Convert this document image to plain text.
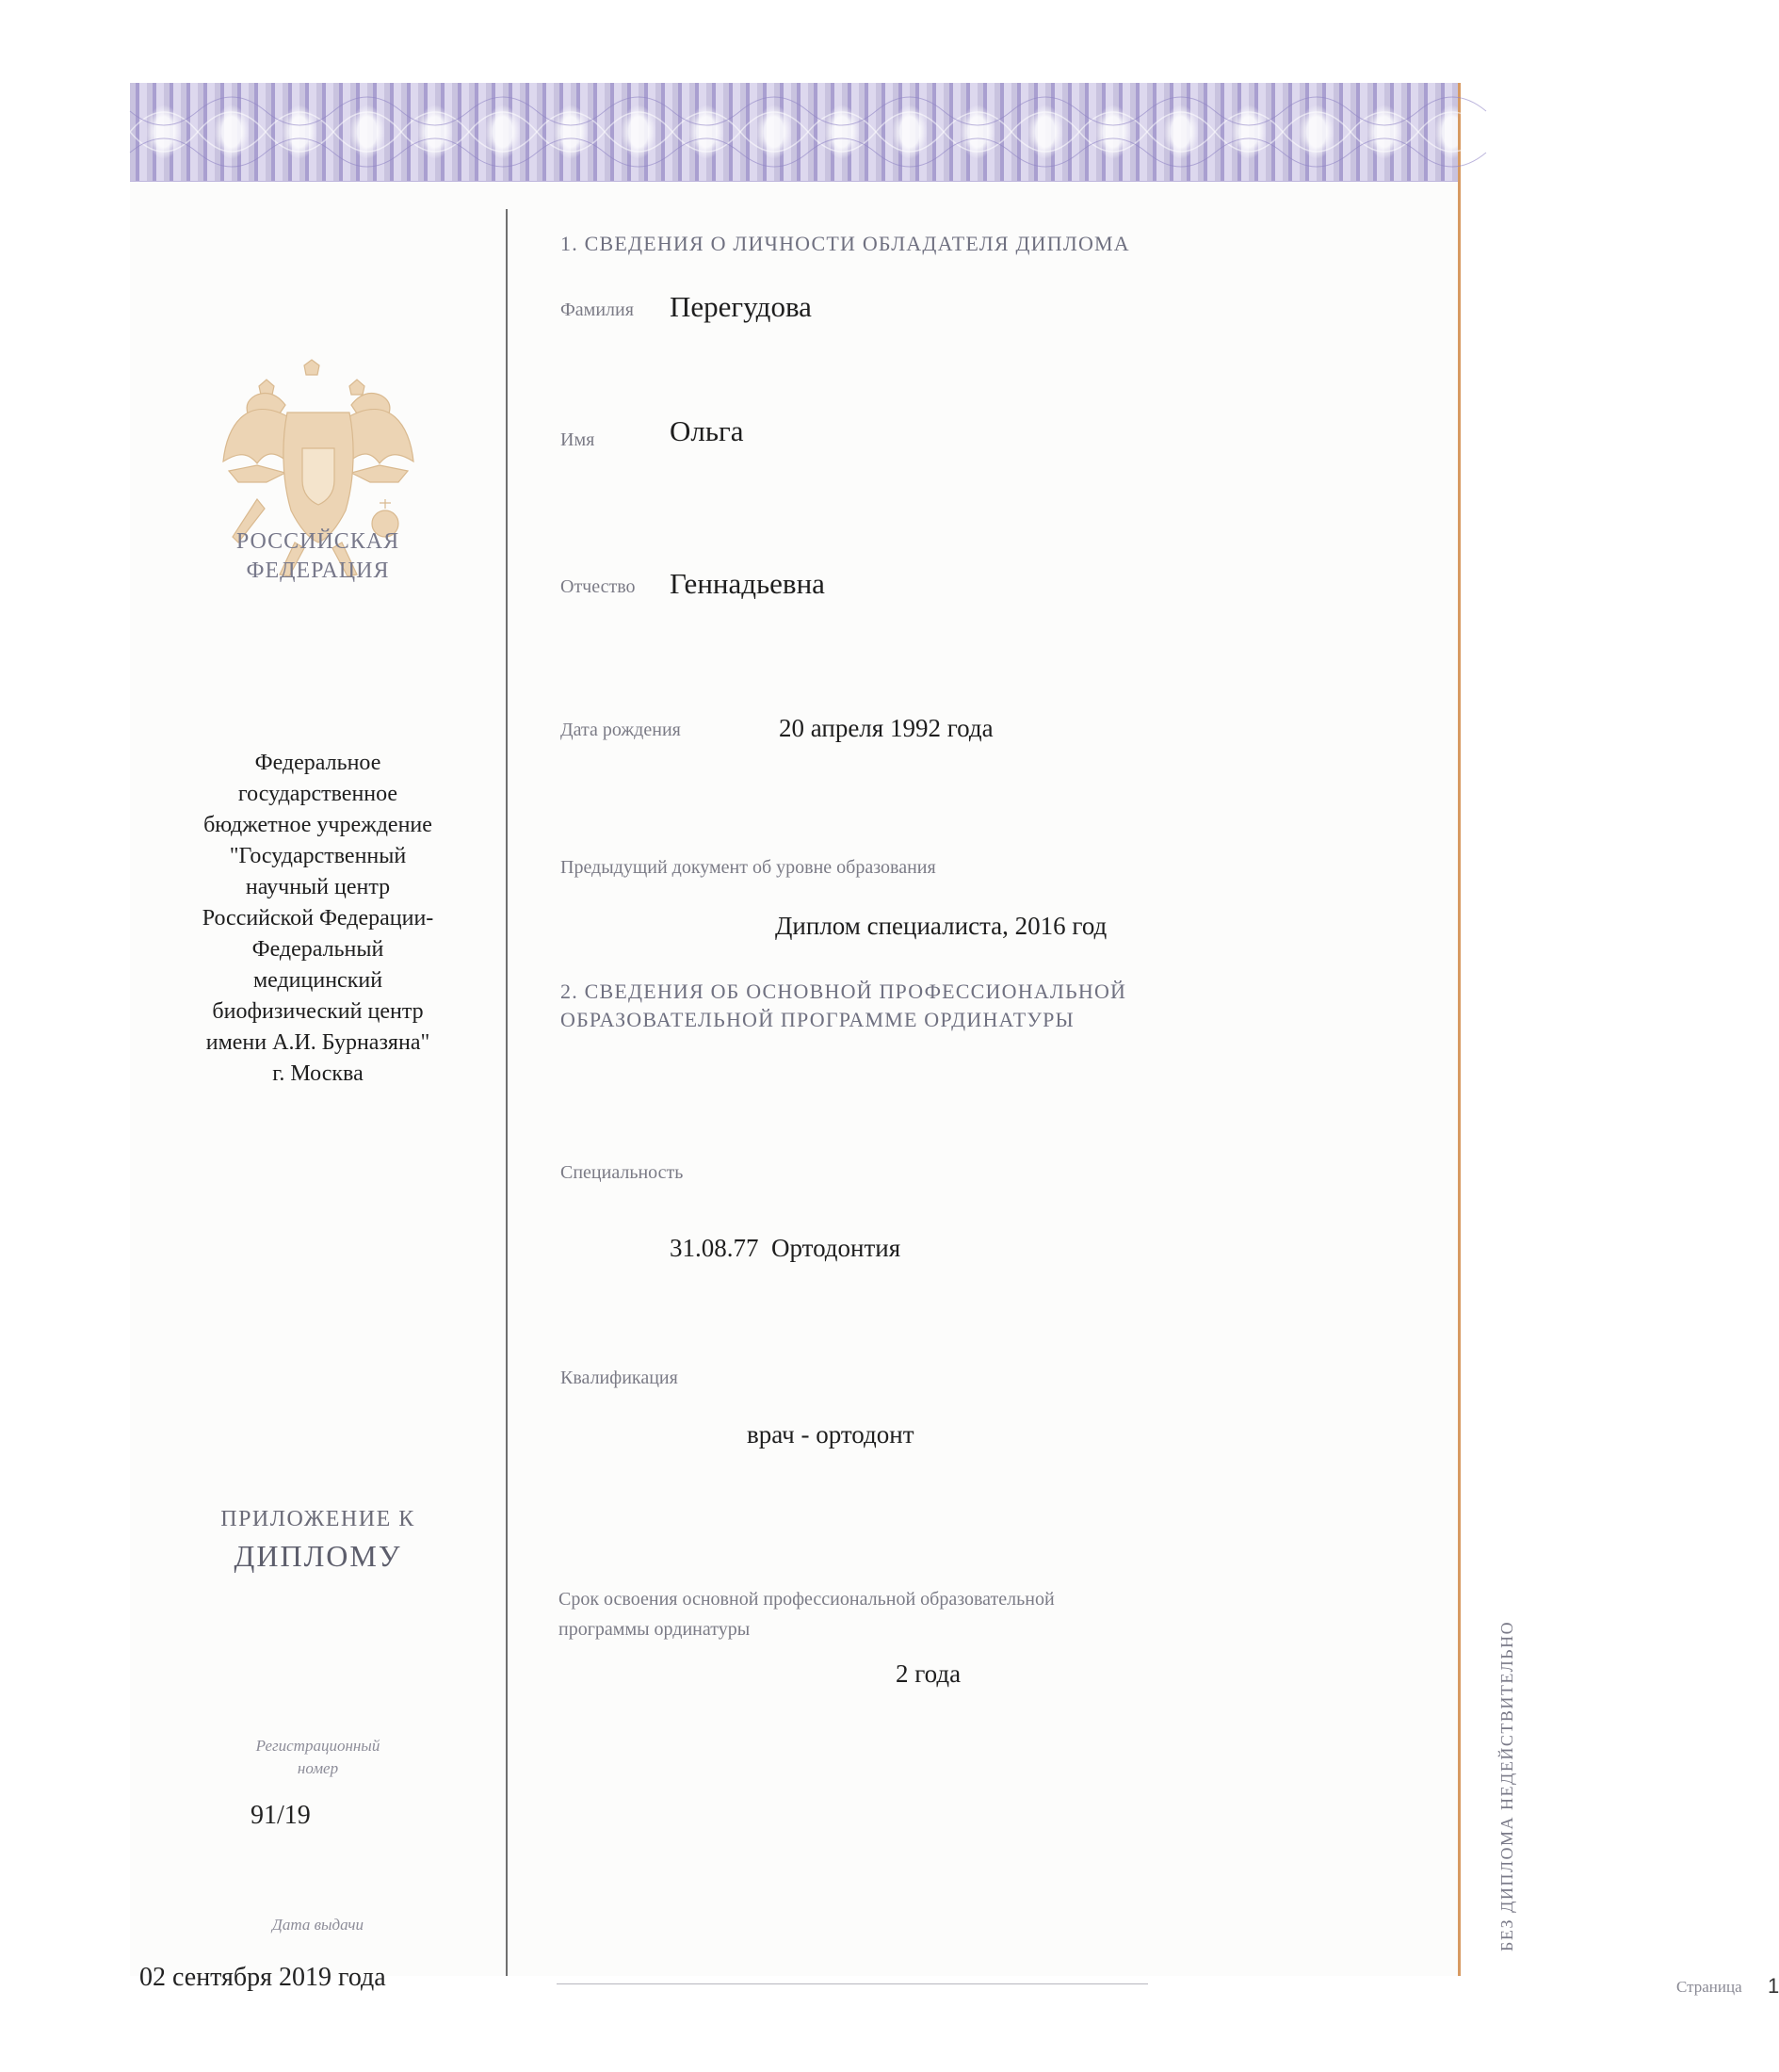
РОССИЙСКАЯ
ФЕДЕРАЦИЯ
Федеральное
государственное
бюджетное учреждение
"Государственный
научный центр
Российской Федерации-
Федеральный
медицинский
биофизический центр
имени А.И. Бурназяна"
г. Москва
ПРИЛОЖЕНИЕ К
ДИПЛОМУ
Регистрационный
номер
91/19
Дата выдачи
02 сентября 2019 года
1. СВЕДЕНИЯ О ЛИЧНОСТИ ОБЛАДАТЕЛЯ ДИПЛОМА
Фамилия Перегудова
Имя	Ольга
Отчество Геннадьевна
Дата рождения	20 апреля 1992 года
Предыдущий документ об уровне образования
Диплом специалиста, 2016 год
2. СВЕДЕНИЯ ОБ ОСНОВНОЙ ПРОФЕССИОНАЛЬНОЙ
ОБРАЗОВАТЕЛЬНОЙ ПРОГРАММЕ ОРДИНАТУРЫ
Специальность
31.08.77  Ортодонтия
Квалификация
врач - ортодонт
Срок освоения основной профессиональной образовательной
программы ординатуры
2 года	БЕЗ ДИПЛОМА НЕДЕЙСТВИТЕЛЬНО
Страница 1
